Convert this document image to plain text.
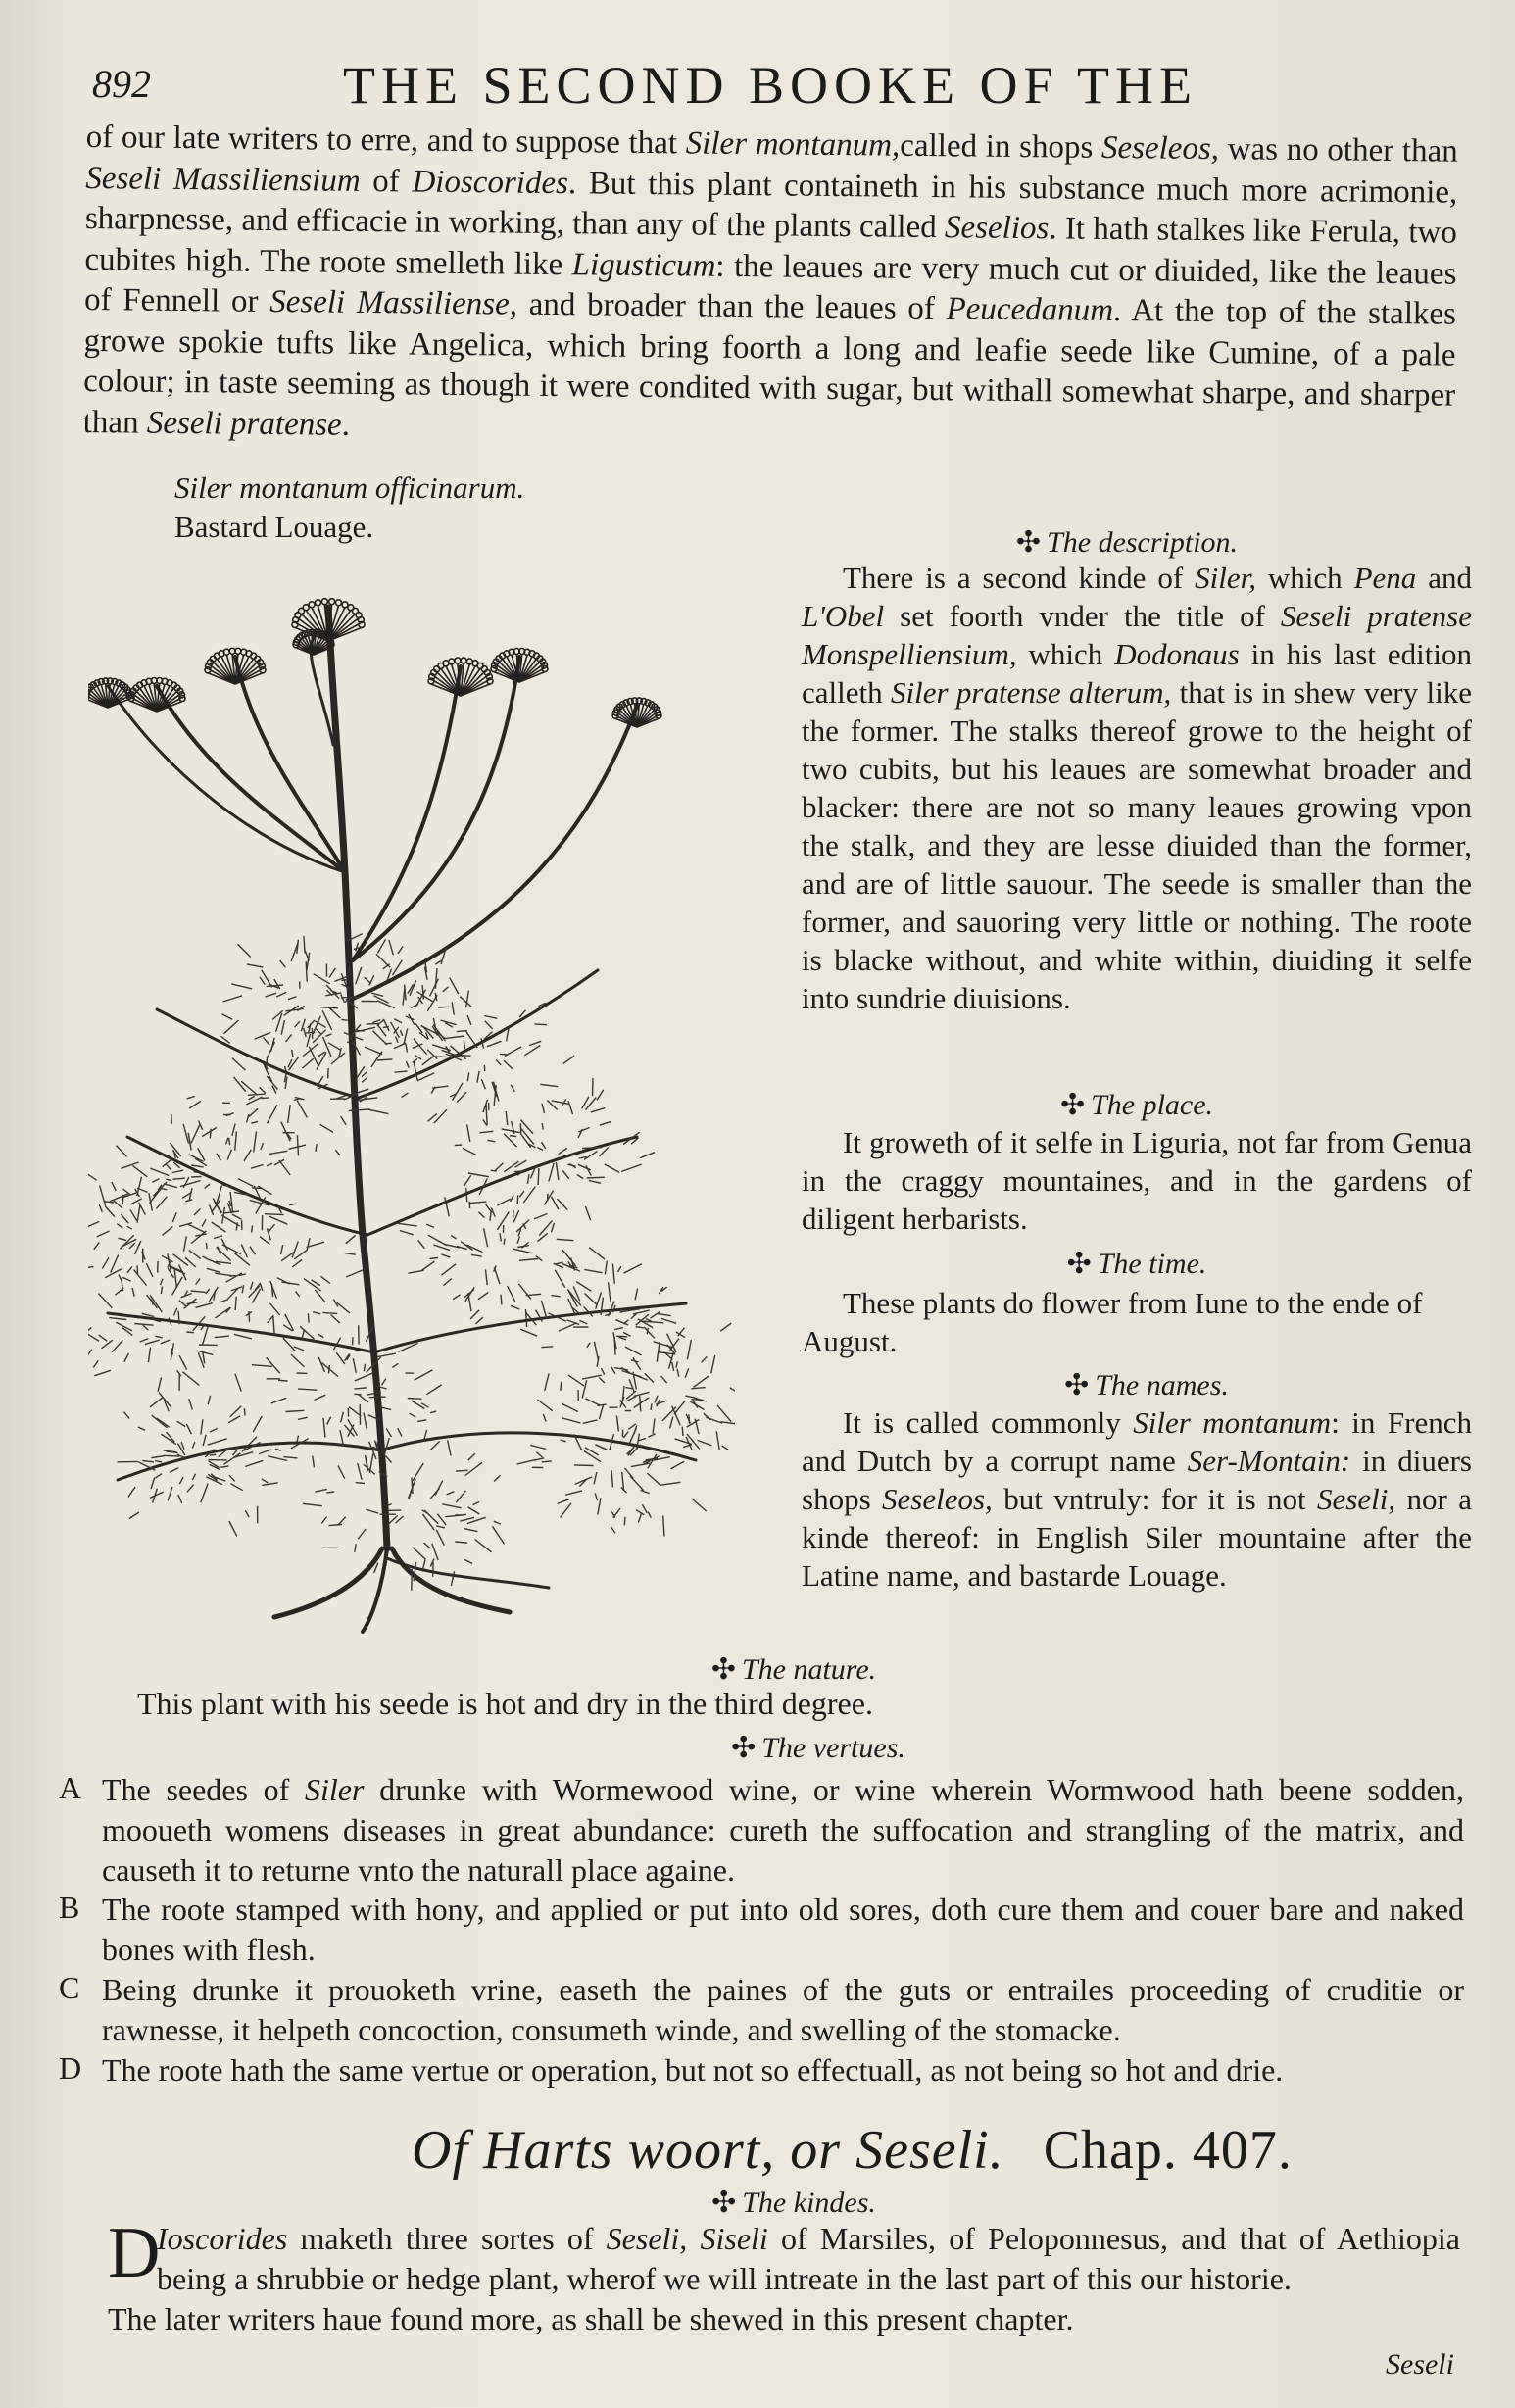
892	THE SECOND BOOKE OF THE

of our late writers to erre, and to suppose that Siler montanum,called in shops Seseleos, was no other than Seseli Massiliensium of Dioscorides. But this plant containeth in his substance much more acrimonie, sharpnesse, and efficacie in working, than any of the plants called Seselios. It hath stalkes like Ferula, two cubites high. The roote smelleth like Ligusticum: the leaues are very much cut or diuided, like the leaues of Fennell or Seseli Massiliense, and broader than the leaues of Peucedanum. At the top of the stalkes growe spokie tufts like Angelica, which bring foorth a long and leafie seede like Cumine, of a pale colour; in taste seeming as though it were condited with sugar, but withall somewhat sharpe, and sharper than Seseli pratense.

Siler montanum officinarum.
Bastard Louage.	✣ The description.
There is a second kinde of Siler, which Pena and L'Obel set foorth vnder the title of Seseli pratense Monspelliensium, which Dodonaus in his last edition calleth Siler pratense alterum, that is in shew very like the former. The stalks thereof growe to the height of two cubits, but his leaues are somewhat broader and blacker: there are not so many leaues growing vpon the stalk, and they are lesse diuided than the former, and are of little sauour. The seede is smaller than the former, and sauoring very little or nothing. The roote is blacke without, and white within, diuiding it selfe into sundrie diuisions.
✣ The place.
It groweth of it selfe in Liguria, not far from Genua in the craggy mountaines, and in the gardens of diligent herbarists.
✣ The time.
These plants do flower from Iune to the ende of August.
✣ The names.
It is called commonly Siler montanum: in French and Dutch by a corrupt name Ser-Montain: in diuers shops Seseleos, but vntruly: for it is not Seseli, nor a kinde thereof: in English Siler mountaine after the Latine name, and bastarde Louage.
✣ The nature.
This plant with his seede is hot and dry in the third degree.
✣ The vertues.
A The seedes of Siler drunke with Wormewood wine, or wine wherein Wormwood hath beene sodden, mooueth womens diseases in great abundance: cureth the suffocation and strangling of the matrix, and causeth it to returne vnto the naturall place againe.
B The roote stamped with hony, and applied or put into old sores, doth cure them and couer bare and naked bones with flesh.
C Being drunke it prouoketh vrine, easeth the paines of the guts or entrailes proceeding of cruditie or rawnesse, it helpeth concoction, consumeth winde, and swelling of the stomacke.
D The roote hath the same vertue or operation, but not so effectuall, as not being so hot and drie.
Of Harts woort, or Seseli. Chap. 407.
✣ The kindes.
D
Ioscorides maketh three sortes of Seseli, Siseli of Marsiles, of Peloponnesus, and that of Aethiopia being a shrubbie or hedge plant, wherof we will intreate in the last part of this our historie.
The later writers haue found more, as shall be shewed in this present chapter.
Seseli
